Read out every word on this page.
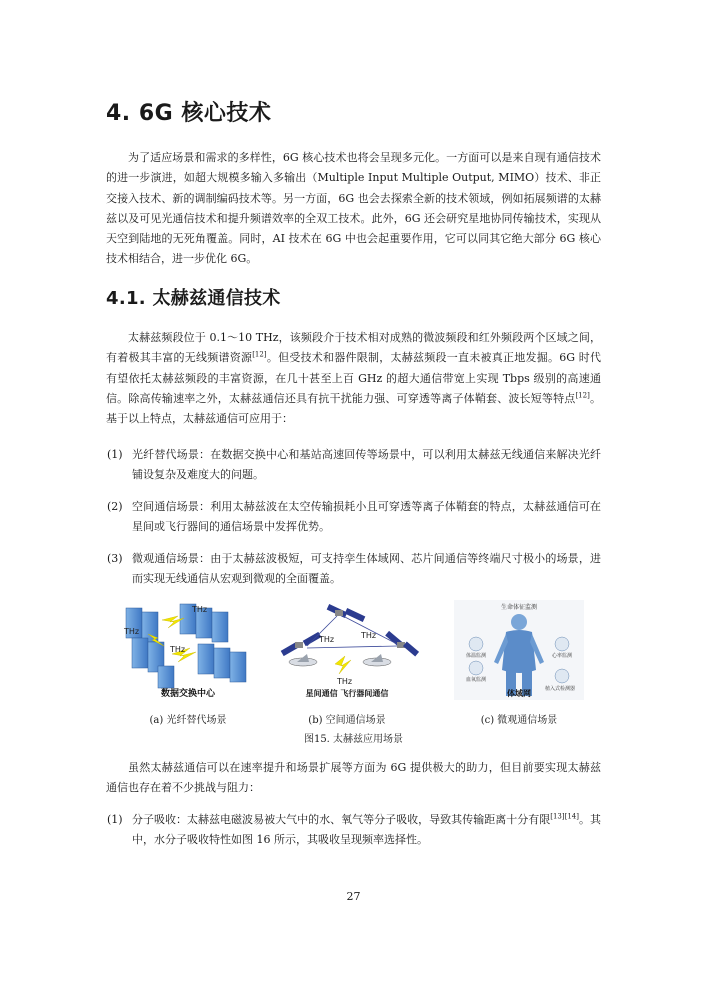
4. 6G 核心技术
为了适应场景和需求的多样性，6G 核心技术也将会呈现多元化。一方面可以是来自现有通信技术的进一步演进，如超大规模多输入多输出（Multiple Input Multiple Output, MIMO）技术、非正交接入技术、新的调制编码技术等。另一方面，6G 也会去探索全新的技术领域，例如拓展频谱的太赫兹以及可见光通信技术和提升频谱效率的全双工技术。此外，6G 还会研究星地协同传输技术，实现从天空到陆地的无死角覆盖。同时，AI 技术在 6G 中也会起重要作用，它可以同其它绝大部分 6G 核心技术相结合，进一步优化 6G。
4.1. 太赫兹通信技术
太赫兹频段位于 0.1～10 THz，该频段介于技术相对成熟的微波频段和红外频段两个区域之间，有着极其丰富的无线频谱资源[12]。但受技术和器件限制，太赫兹频段一直未被真正地发掘。6G 时代有望依托太赫兹频段的丰富资源，在几十甚至上百 GHz 的超大通信带宽上实现 Tbps 级别的高速通信。除高传输速率之外，太赫兹通信还具有抗干扰能力强、可穿透等离子体鞘套、波长短等特点[12]。基于以上特点，太赫兹通信可应用于：
(1) 光纤替代场景：在数据交换中心和基站高速回传等场景中，可以利用太赫兹无线通信来解决光纤铺设复杂及难度大的问题。
(2) 空间通信场景：利用太赫兹波在太空传输损耗小且可穿透等离子体鞘套的特点，太赫兹通信可在星间或飞行器间的通信场景中发挥优势。
(3) 微观通信场景：由于太赫兹波极短，可支持孪生体域网、芯片间通信等终端尺寸极小的场景，进而实现无线通信从宏观到微观的全面覆盖。
THz
THz
THz
数据交换中心
THz	THz
THz
星间通信 飞行器间通信
生命体征监测
体温监测	心率监测
血氧监测
植入式检测器
体域网
(a) 光纤替代场景	(b) 空间通信场景	(c) 微观通信场景
图15. 太赫兹应用场景
虽然太赫兹通信可以在速率提升和场景扩展等方面为 6G 提供极大的助力，但目前要实现太赫兹通信也存在着不少挑战与阻力：
(1) 分子吸收：太赫兹电磁波易被大气中的水、氧气等分子吸收，导致其传输距离十分有限[13][14]。其中，水分子吸收特性如图 16 所示，其吸收呈现频率选择性。
27
